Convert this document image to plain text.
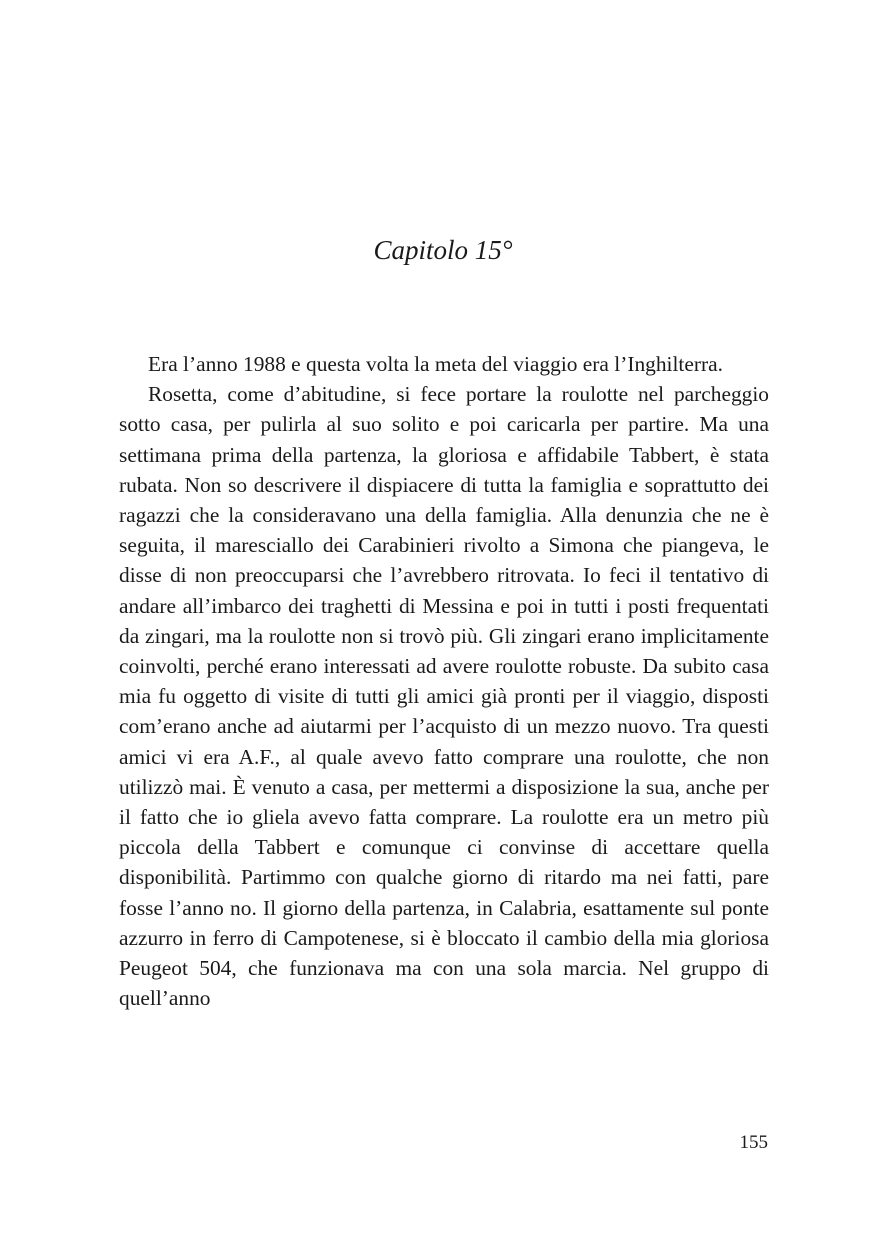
Capitolo 15°

Era l’anno 1988 e questa volta la meta del viaggio era l’Inghilterra.

Rosetta, come d’abitudine, si fece portare la roulotte nel parcheggio sotto casa, per pulirla al suo solito e poi caricarla per partire. Ma una settimana prima della partenza, la gloriosa e affidabile Tabbert, è stata rubata. Non so descrivere il dispiacere di tutta la famiglia e soprattutto dei ragazzi che la consideravano una della famiglia. Alla denunzia che ne è seguita, il maresciallo dei Carabinieri rivolto a Simona che piangeva, le disse di non preoccuparsi che l’avrebbero ritrovata. Io feci il tentativo di andare all’imbarco dei traghetti di Messina e poi in tutti i posti frequentati da zingari, ma la roulotte non si trovò più. Gli zingari erano implicitamente coinvolti, perché erano interessati ad avere roulotte robuste. Da subito casa mia fu oggetto di visite di tutti gli amici già pronti per il viaggio, disposti com’erano anche ad aiutarmi per l’acquisto di un mezzo nuovo. Tra questi amici vi era A.F., al quale avevo fatto comprare una roulotte, che non utilizzò mai. È venuto a casa, per mettermi a disposizione la sua, anche per il fatto che io gliela avevo fatta comprare. La roulotte era un metro più piccola della Tabbert e comunque ci convinse di accettare quella disponibilità. Partimmo con qualche giorno di ritardo ma nei fatti, pare fosse l’anno no. Il giorno della partenza, in Calabria, esattamente sul ponte azzurro in ferro di Campotenese, si è bloccato il cambio della mia gloriosa Peugeot 504, che funzionava ma con una sola marcia. Nel gruppo di quell’anno

155
